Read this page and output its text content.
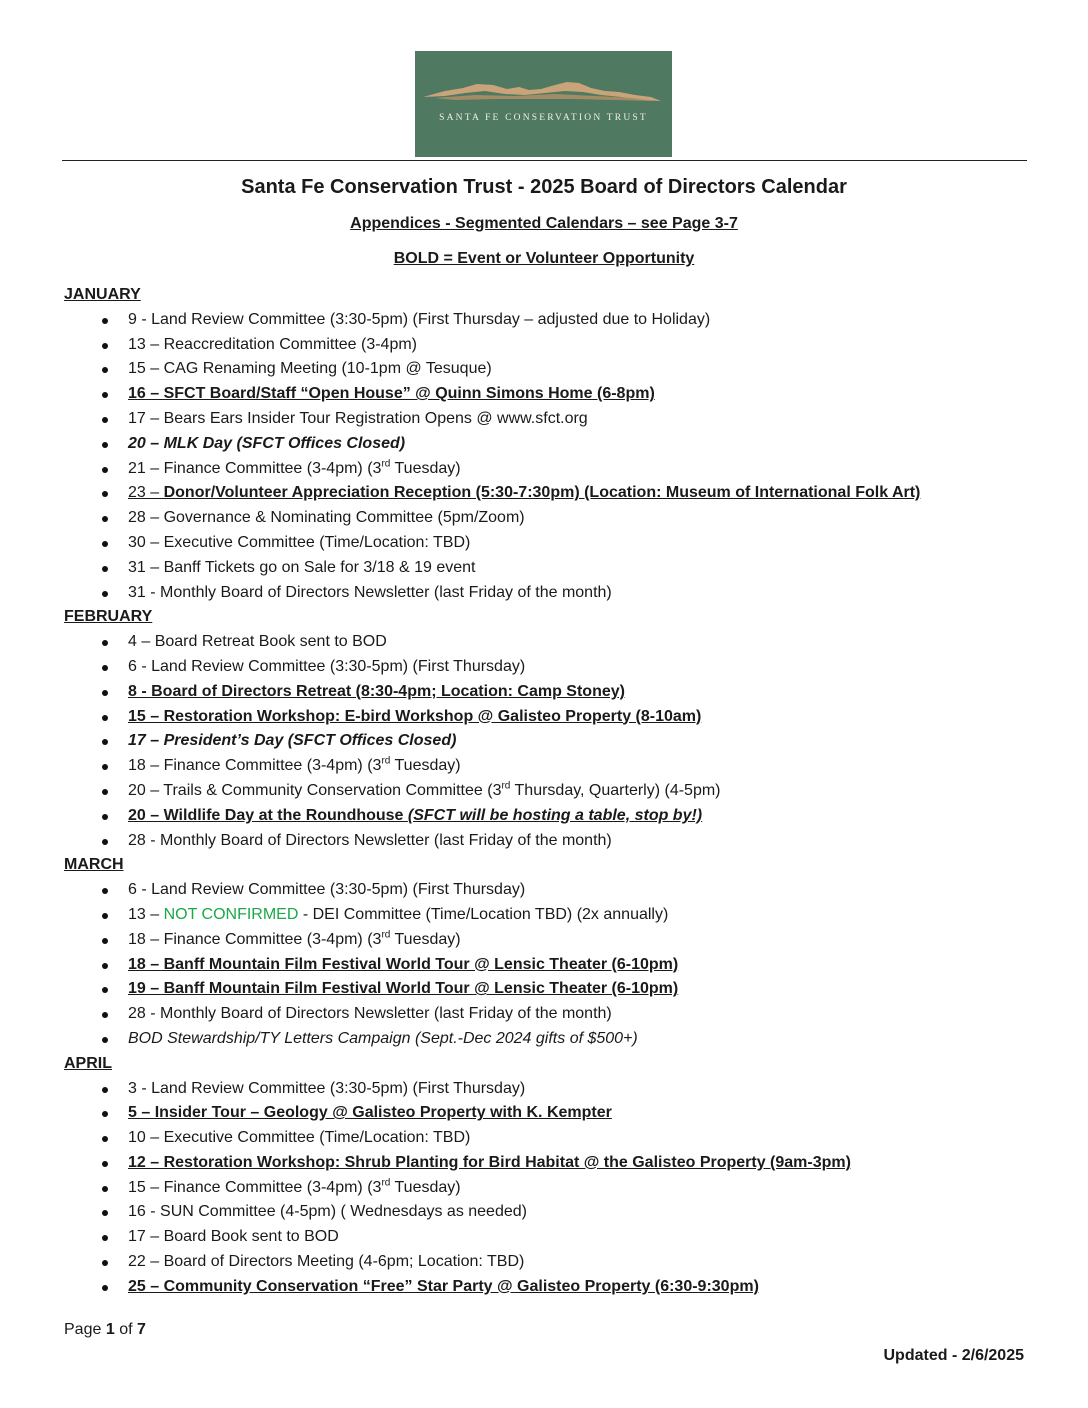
SANTA FE CONSERVATION TRUST
Santa Fe Conservation Trust - 2025 Board of Directors Calendar
Appendices - Segmented Calendars – see Page 3-7
BOLD = Event or Volunteer Opportunity
JANUARY
9 - Land Review Committee (3:30-5pm) (First Thursday – adjusted due to Holiday)
13 – Reaccreditation Committee (3-4pm)
15 – CAG Renaming Meeting (10-1pm @ Tesuque)
16 – SFCT Board/Staff “Open House” @ Quinn Simons Home (6-8pm)
17 – Bears Ears Insider Tour Registration Opens @ www.sfct.org
20 – MLK Day (SFCT Offices Closed)
21 – Finance Committee (3-4pm) (3rd Tuesday)
23 – Donor/Volunteer Appreciation Reception (5:30-7:30pm) (Location: Museum of International Folk Art)
28 – Governance & Nominating Committee (5pm/Zoom)
30 – Executive Committee (Time/Location: TBD)
31 – Banff Tickets go on Sale for 3/18 & 19 event
31 - Monthly Board of Directors Newsletter (last Friday of the month)
FEBRUARY
4 – Board Retreat Book sent to BOD
6 - Land Review Committee (3:30-5pm) (First Thursday)
8 - Board of Directors Retreat (8:30-4pm; Location: Camp Stoney)
15 – Restoration Workshop: E-bird Workshop @ Galisteo Property (8-10am)
17 – President’s Day (SFCT Offices Closed)
18 – Finance Committee (3-4pm) (3rd Tuesday)
20 – Trails & Community Conservation Committee (3rd Thursday, Quarterly) (4-5pm)
20 – Wildlife Day at the Roundhouse (SFCT will be hosting a table, stop by!)
28 - Monthly Board of Directors Newsletter (last Friday of the month)
MARCH
6 - Land Review Committee (3:30-5pm) (First Thursday)
13 – NOT CONFIRMED - DEI Committee (Time/Location TBD) (2x annually)
18 – Finance Committee (3-4pm) (3rd Tuesday)
18 – Banff Mountain Film Festival World Tour @ Lensic Theater (6-10pm)
19 – Banff Mountain Film Festival World Tour @ Lensic Theater (6-10pm)
28 - Monthly Board of Directors Newsletter (last Friday of the month)
BOD Stewardship/TY Letters Campaign (Sept.-Dec 2024 gifts of $500+)
APRIL
3 - Land Review Committee (3:30-5pm) (First Thursday)
5 – Insider Tour – Geology @ Galisteo Property with K. Kempter
10 – Executive Committee (Time/Location: TBD)
12 – Restoration Workshop: Shrub Planting for Bird Habitat @ the Galisteo Property (9am-3pm)
15 – Finance Committee (3-4pm) (3rd Tuesday)
16 - SUN Committee (4-5pm) ( Wednesdays as needed)
17 – Board Book sent to BOD
22 – Board of Directors Meeting (4-6pm; Location: TBD)
25 – Community Conservation “Free” Star Party @ Galisteo Property (6:30-9:30pm)
Page 1 of 7
Updated - 2/6/2025
